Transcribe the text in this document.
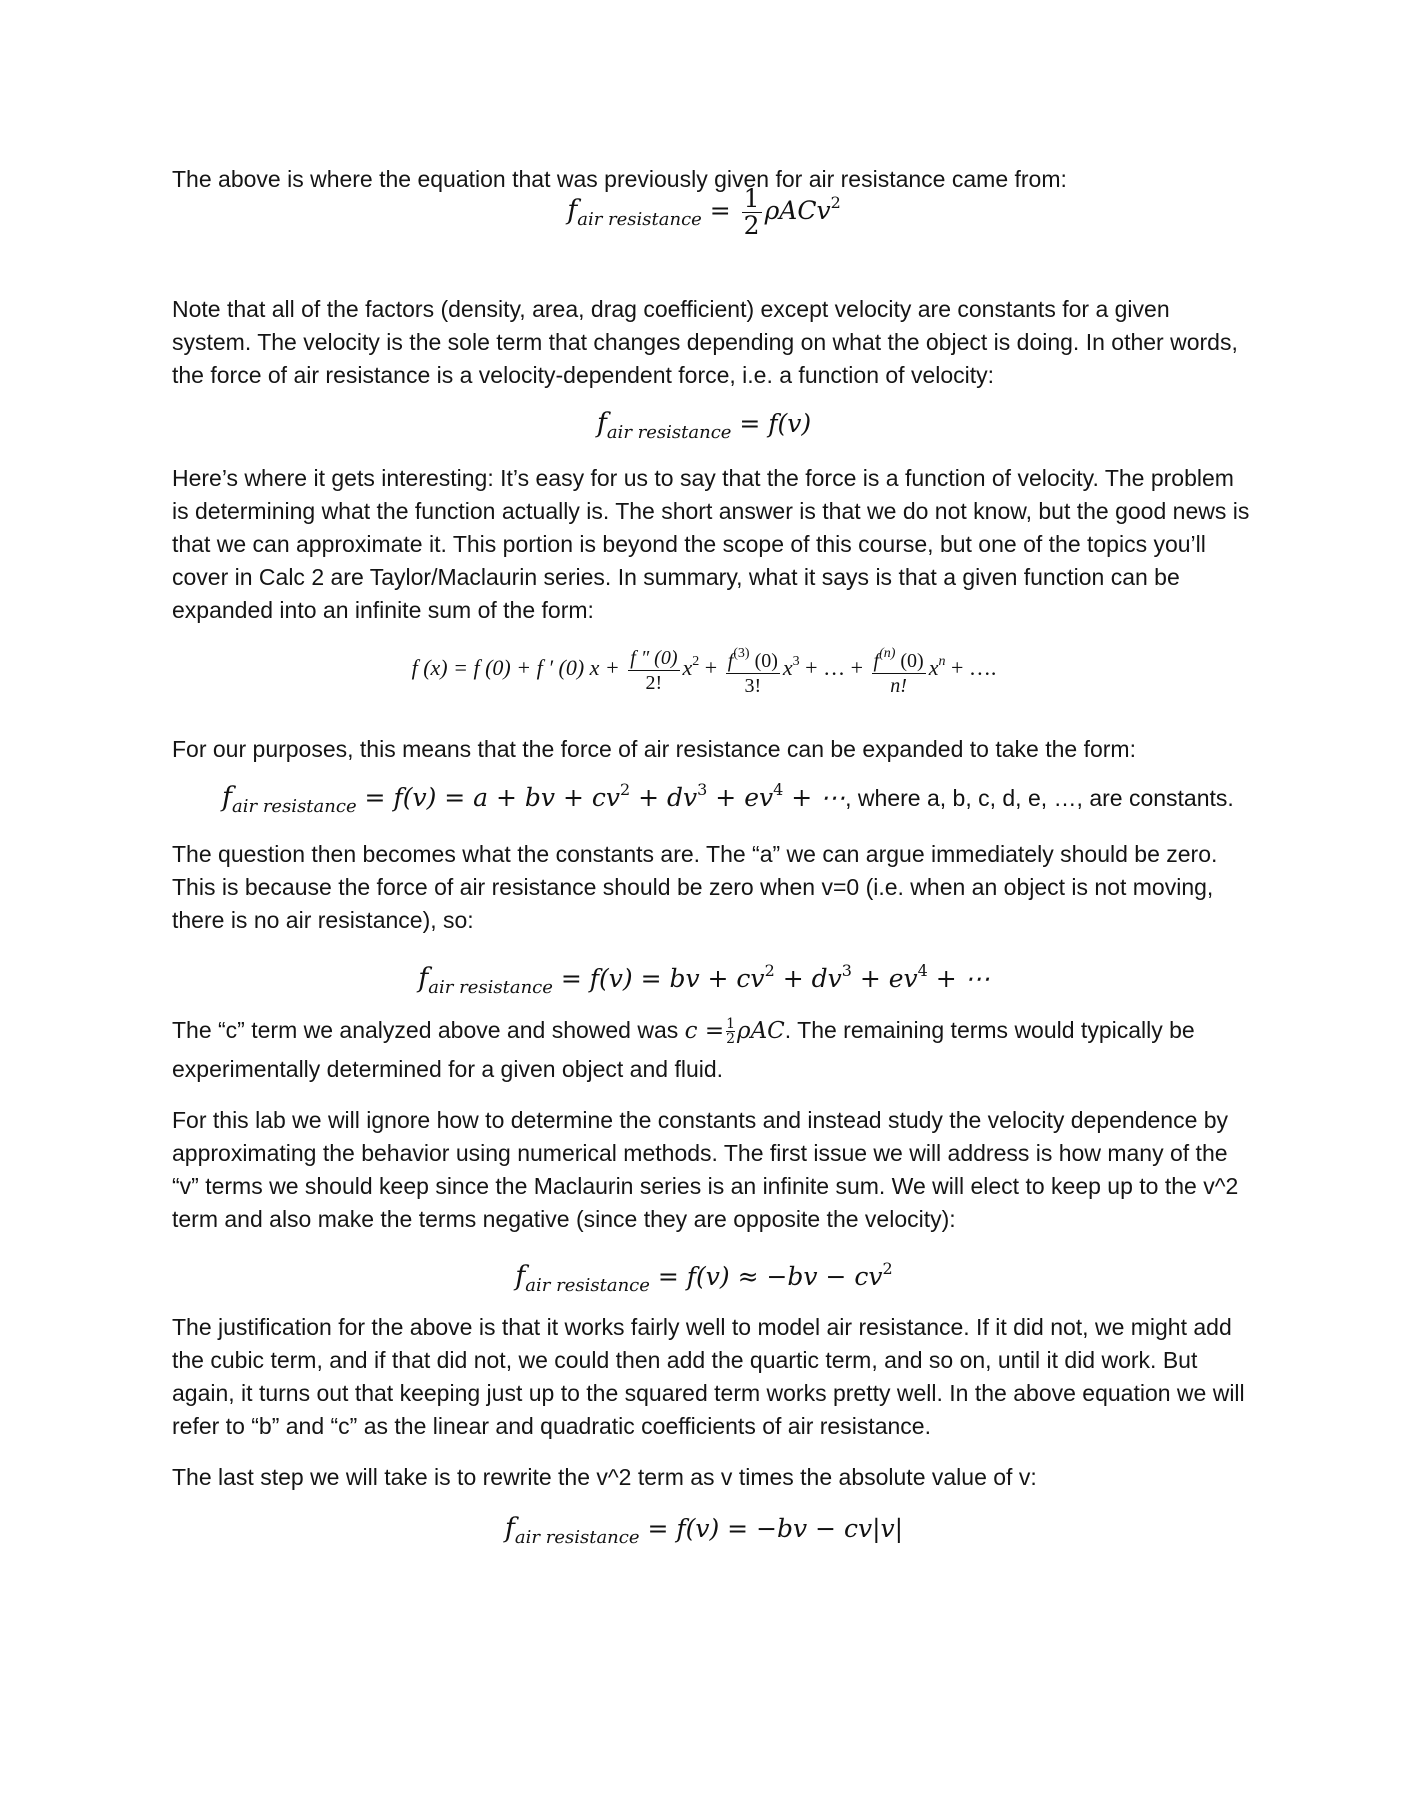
The above is where the equation that was previously given for air resistance came from:

$f_{air resistance} = \frac{1}{2} \rho ACv^2$

Note that all of the factors (density, area, drag coefficient) except velocity are constants for a given system. The velocity is the sole term that changes depending on what the object is doing. In other words, the force of air resistance is a velocity-dependent force, i.e. a function of velocity:

$f_{air resistance} = f(v)$

Here’s where it gets interesting: It’s easy for us to say that the force is a function of velocity. The problem is determining what the function actually is. The short answer is that we do not know, but the good news is that we can approximate it. This portion is beyond the scope of this course, but one of the topics you’ll cover in Calc 2 are Taylor/Maclaurin series. In summary, what it says is that a given function can be expanded into an infinite sum of the form:

f (x) = f (0) + f ′ (0) $x + \frac{f '' (0)}{2!} x^2 + \frac{f^{(3)} (0)}{3!} x^3$ + … + $\frac{f^{(n)} (0)}{n!} x^n$ + ….

For our purposes, this means that the force of air resistance can be expanded to take the form:

$f_{air resistance} = f(v) = a$ + bv + $cv^2 + dv^3 + ev^4$ + ⋯, where a, b, c, d, e, …, are constants.

The question then becomes what the constants are. The “a” we can argue immediately should be zero. This is because the force of air resistance should be zero when v=0 (i.e. when an object is not moving, there is no air resistance), so:

$f_{air resistance} = f(v)$ = bv + $cv^2 + dv^3 + ev^4$ + ⋯

The “c” term we analyzed above and showed was $c = \frac{1}{2}\rho AC$. The remaining terms would typically be experimentally determined for a given object and fluid.

For this lab we will ignore how to determine the constants and instead study the velocity dependence by approximating the behavior using numerical methods. The first issue we will address is how many of the “v” terms we should keep since the Maclaurin series is an infinite sum. We will elect to keep up to the v^2 term and also make the terms negative (since they are opposite the velocity):

$f_{air resistance} = f(v) \approx -bv - cv^2$

The justification for the above is that it works fairly well to model air resistance. If it did not, we might add the cubic term, and if that did not, we could then add the quartic term, and so on, until it did work. But again, it turns out that keeping just up to the squared term works pretty well. In the above equation we will refer to “b” and “c” as the linear and quadratic coefficients of air resistance.

The last step we will take is to rewrite the v^2 term as v times the absolute value of v:

$f_{air resistance} = f(v) = -bv - cv|v|$
